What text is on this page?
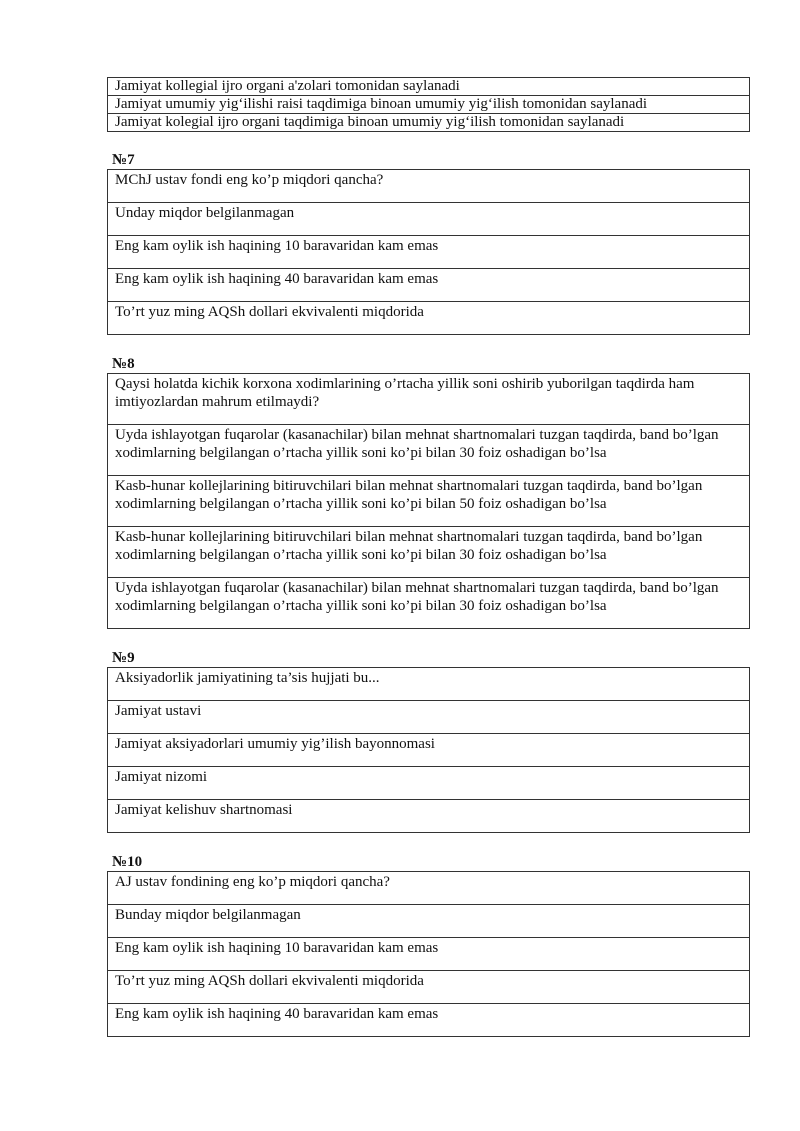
Jamiyat kollegial ijro organi a'zolari tomonidan saylanadi
Jamiyat umumiy yig‘ilishi raisi taqdimiga binoan umumiy yig‘ilish tomonidan saylanadi
Jamiyat kolegial ijro organi taqdimiga binoan umumiy yig‘ilish tomonidan saylanadi

№7

MChJ ustav fondi eng ko’p miqdori qancha?
Unday miqdor belgilanmagan
Eng kam oylik ish haqining 10 baravaridan kam emas
Eng kam oylik ish haqining 40 baravaridan kam emas
To’rt yuz ming AQSh dollari ekvivalenti miqdorida

№8

Qaysi holatda kichik korxona xodimlarining o’rtacha yillik soni oshirib yuborilgan taqdirda ham imtiyozlardan mahrum etilmaydi?
Uyda ishlayotgan fuqarolar (kasanachilar) bilan mehnat shartnomalari tuzgan taqdirda, band bo’lgan xodimlarning belgilangan o’rtacha yillik soni ko’pi bilan 30 foiz oshadigan bo’lsa
Kasb-hunar kollejlarining bitiruvchilari bilan mehnat shartnomalari tuzgan taqdirda, band bo’lgan xodimlarning belgilangan o’rtacha yillik soni ko’pi bilan 50 foiz oshadigan bo’lsa
Kasb-hunar kollejlarining bitiruvchilari bilan mehnat shartnomalari tuzgan taqdirda, band bo’lgan xodimlarning belgilangan o’rtacha yillik soni ko’pi bilan 30 foiz oshadigan bo’lsa
Uyda ishlayotgan fuqarolar (kasanachilar) bilan mehnat shartnomalari tuzgan taqdirda, band bo’lgan xodimlarning belgilangan o’rtacha yillik soni ko’pi bilan 30 foiz oshadigan bo’lsa

№9

Aksiyadorlik jamiyatining ta’sis hujjati bu...
Jamiyat ustavi
Jamiyat aksiyadorlari umumiy yig’ilish bayonnomasi
Jamiyat nizomi
Jamiyat kelishuv shartnomasi

№10

AJ ustav fondining eng ko’p miqdori qancha?
Bunday miqdor belgilanmagan
Eng kam oylik ish haqining 10 baravaridan kam emas
To’rt yuz ming AQSh dollari ekvivalenti miqdorida
Eng kam oylik ish haqining 40 baravaridan kam emas
